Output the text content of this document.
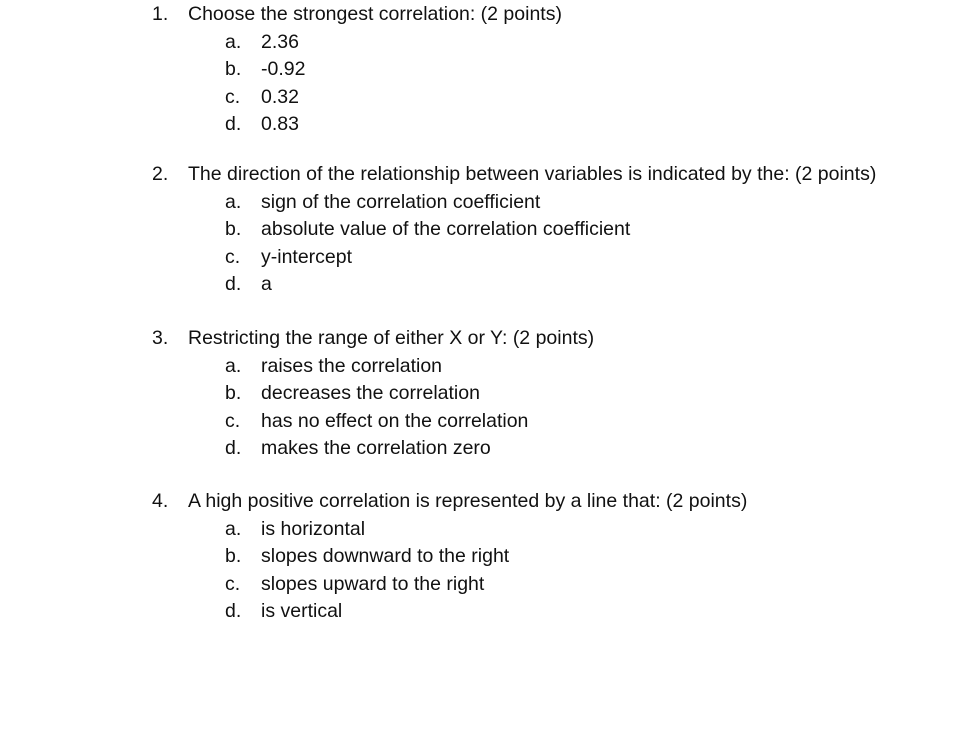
1.	Choose the strongest correlation: (2 points)
a.	2.36
b.	-0.92
c.	0.32
d.	0.83
2.	The direction of the relationship between variables is indicated by the: (2 points)
a.	sign of the correlation coefficient
b.	absolute value of the correlation coefficient
c.	y-intercept
d.	a
3.	Restricting the range of either X or Y: (2 points)
a.	raises the correlation
b.	decreases the correlation
c.	has no effect on the correlation
d.	makes the correlation zero
4.	A high positive correlation is represented by a line that: (2 points)
a.	is horizontal
b.	slopes downward to the right
c.	slopes upward to the right
d.	is vertical
